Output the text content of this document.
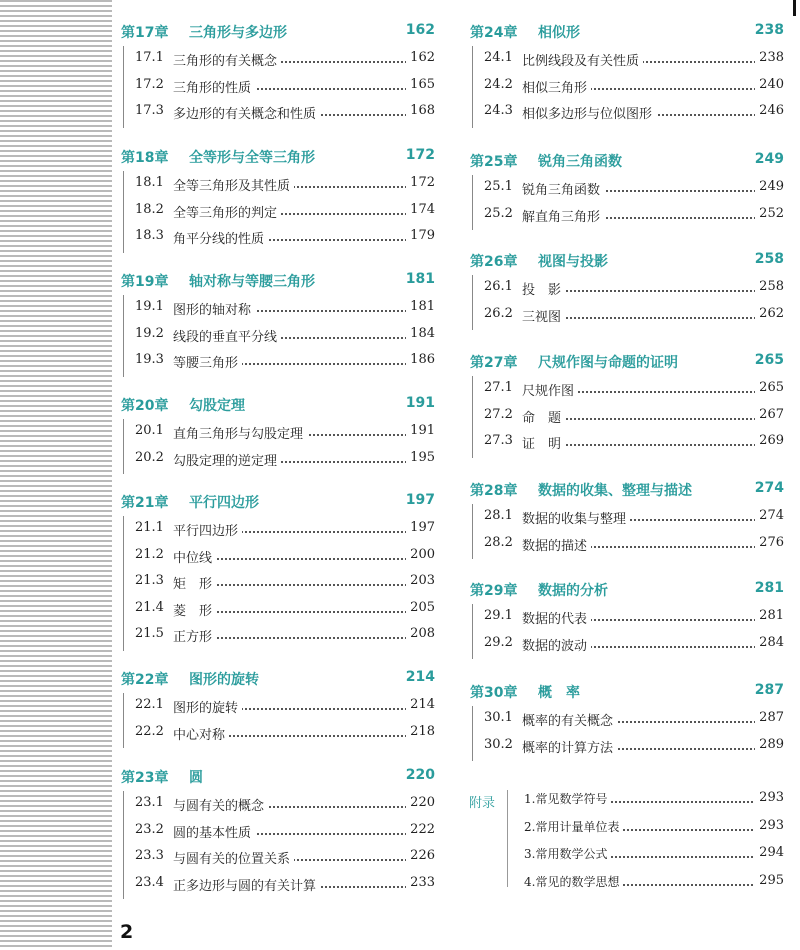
第17章 三角形与多边形	162
17.1 三角形的有关概念	162
17.2 三角形的性质	165
17.3 多边形的有关概念和性质	168
第18章 全等形与全等三角形	172
18.1 全等三角形及其性质	172
18.2 全等三角形的判定	174
18.3 角平分线的性质	179
第19章 轴对称与等腰三角形	181
19.1 图形的轴对称	181
19.2 线段的垂直平分线	184
19.3 等腰三角形	186
第20章 勾股定理	191
20.1 直角三角形与勾股定理	191
20.2 勾股定理的逆定理	195
第21章 平行四边形	197
21.1 平行四边形	197
21.2 中位线	200
21.3 矩　形	203
21.4 菱　形	205
21.5 正方形	208
第22章 图形的旋转	214
22.1 图形的旋转	214
22.2 中心对称	218
第23章 圆	220
23.1 与圆有关的概念	220
23.2 圆的基本性质	222
23.3 与圆有关的位置关系	226
23.4 正多边形与圆的有关计算	233
第24章 相似形	238
24.1 比例线段及有关性质	238
24.2 相似三角形	240
24.3 相似多边形与位似图形	246
第25章 锐角三角函数	249
25.1 锐角三角函数	249
25.2 解直角三角形	252
第26章 视图与投影	258
26.1 投　影	258
26.2 三视图	262
第27章 尺规作图与命题的证明	265
27.1 尺规作图	265
27.2 命　题	267
27.3 证　明	269
第28章 数据的收集、整理与描述	274
28.1 数据的收集与整理	274
28.2 数据的描述	276
第29章 数据的分析	281
29.1 数据的代表	281
29.2 数据的波动	284
第30章 概　率	287
30.1 概率的有关概念	287
30.2 概率的计算方法	289
1.常见数学符号	293
2.常用计量单位表	293
3.常用数学公式	294
4.常见的数学思想	295
附录
2
